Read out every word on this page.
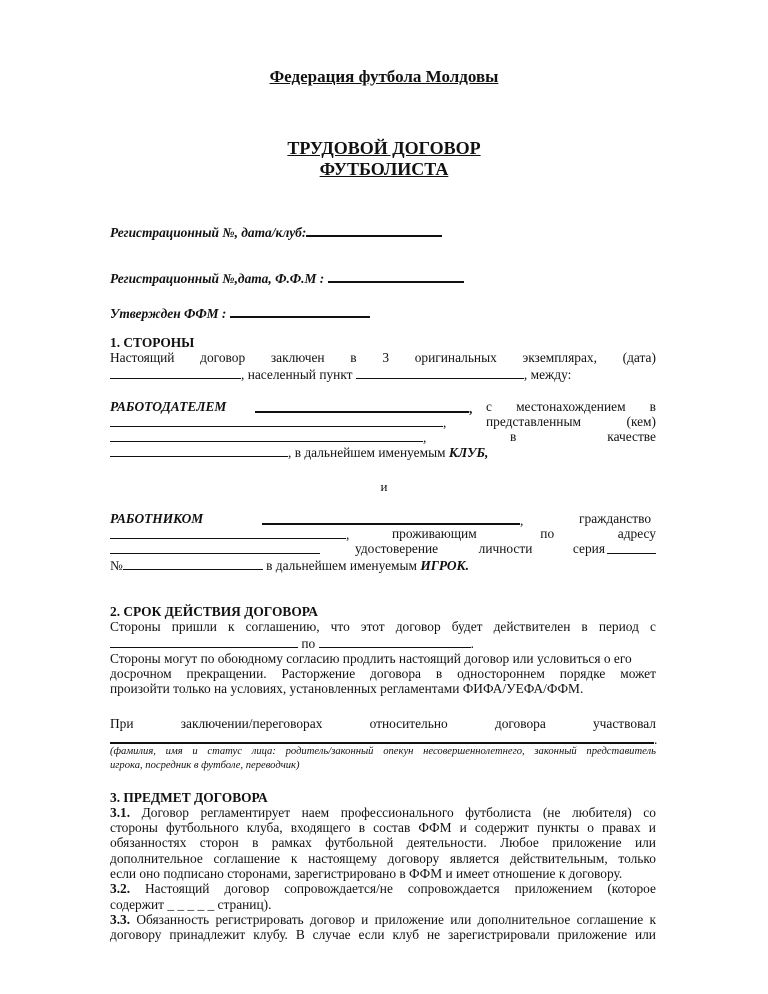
Федерация футбола Молдовы
ТРУДОВОЙ ДОГОВОР
ФУТБОЛИСТА
Регистрационный №, дата/клуб:
Регистрационный №,дата, Ф.Ф.М :
Утвержден ФФМ :
1. СТОРОНЫ
Настоящий договор заключен в 3 оригинальных экземплярах, (дата)
, населенный пункт	, между:
РАБОТОДАТЕЛЕМ	, с местонахождением в
,	представленным	(кем)
,	в	качестве
, в дальнейшем именуемым КЛУБ,
и
РАБОТНИКОМ	,	гражданство
,	проживающим	по	адресу
удостоверение	личности	серия
№	в дальнейшем именуемым ИГРОК.
2. СРОК ДЕЙСТВИЯ ДОГОВОРА
Стороны пришли к соглашению, что этот договор будет действителен в период с
по	.
Стороны могут по обоюдному согласию продлить настоящий договор или условиться о его
досрочном прекращении. Расторжение договора в одностороннем порядке может
произойти только на условиях, установленных регламентами ФИФА/УЕФА/ФФМ.
При	заключении/переговорах	относительно	договора	участвовал
.
(фамилия, имя и статус лица: родитель/законный опекун несовершеннолетнего, законный представитель
игрока, посредник в футболе, переводчик)
3. ПРЕДМЕТ ДОГОВОРА
3.1. Договор регламентирует наем профессионального футболиста (не любителя) со
стороны футбольного клуба, входящего в состав ФФМ и содержит пункты о правах и
обязанностях сторон в рамках футбольной деятельности. Любое приложение или
дополнительное соглашение к настоящему договору является действительным, только
если оно подписано сторонами, зарегистрировано в ФФМ и имеет отношение к договору.
3.2. Настоящий договор сопровождается/не сопровождается приложением (которое
содержит _ _ _ _ _ страниц).
3.3. Обязанность регистрировать договор и приложение или дополнительное соглашение к
договору принадлежит клубу. В случае если клуб не зарегистрировали приложение или
